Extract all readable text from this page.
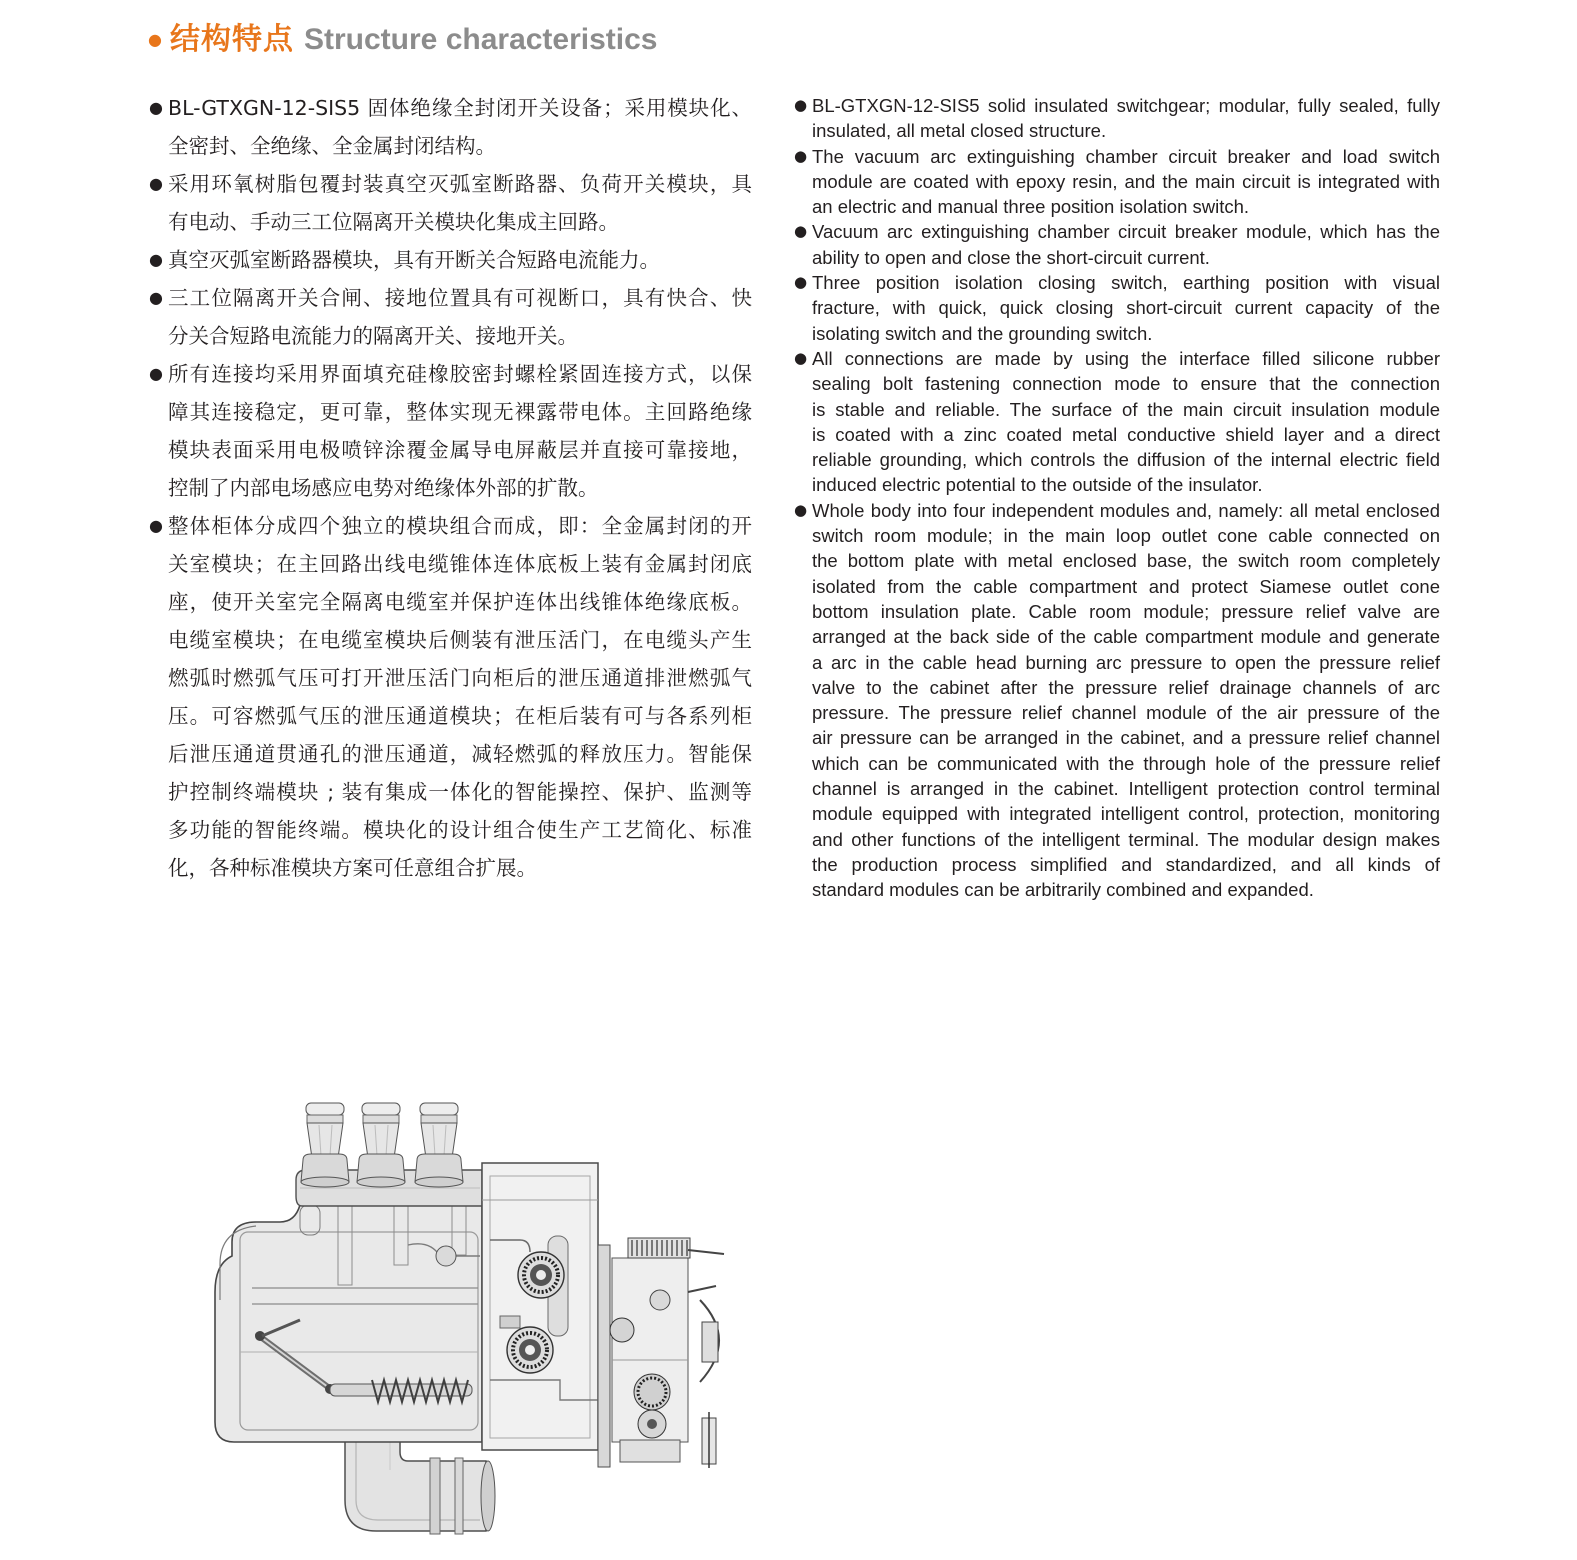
● 结构特点 Structure characteristics
● BL-GTXGN-12-SIS5 固体绝缘全封闭开关设备；采用模块化、
全密封、全绝缘、全金属封闭结构。
● 采用环氧树脂包覆封装真空灭弧室断路器、负荷开关模块，具
有电动、手动三工位隔离开关模块化集成主回路。
● 真空灭弧室断路器模块，具有开断关合短路电流能力。
● 三工位隔离开关合闸、接地位置具有可视断口，具有快合、快
分关合短路电流能力的隔离开关、接地开关。
● 所有连接均采用界面填充硅橡胶密封螺栓紧固连接方式，以保
障其连接稳定，更可靠，整体实现无裸露带电体。主回路绝缘
模块表面采用电极喷锌涂覆金属导电屏蔽层并直接可靠接地，
控制了内部电场感应电势对绝缘体外部的扩散。
● 整体柜体分成四个独立的模块组合而成，即：全金属封闭的开
关室模块；在主回路出线电缆锥体连体底板上装有金属封闭底
座，使开关室完全隔离电缆室并保护连体出线锥体绝缘底板。
电缆室模块；在电缆室模块后侧装有泄压活门，在电缆头产生
燃弧时燃弧气压可打开泄压活门向柜后的泄压通道排泄燃弧气
压。可容燃弧气压的泄压通道模块；在柜后装有可与各系列柜
后泄压通道贯通孔的泄压通道，减轻燃弧的释放压力。智能保
护控制终端模块 ; 装有集成一体化的智能操控、保护、监测等
多功能的智能终端。模块化的设计组合使生产工艺简化、标准
化，各种标准模块方案可任意组合扩展。
● BL-GTXGN-12-SIS5 solid insulated switchgear; modular, fully sealed, fully
insulated, all metal closed structure.
● The vacuum arc extinguishing chamber circuit breaker and load switch
module are coated with epoxy resin, and the main circuit is integrated with
an electric and manual three position isolation switch.
● Vacuum arc extinguishing chamber circuit breaker module, which has the
ability to open and close the short-circuit current.
● Three position isolation closing switch, earthing position with visual
fracture, with quick, quick closing short-circuit current capacity of the
isolating switch and the grounding switch.
● All connections are made by using the interface filled silicone rubber
sealing bolt fastening connection mode to ensure that the connection
is stable and reliable. The surface of the main circuit insulation module
is coated with a zinc coated metal conductive shield layer and a direct
reliable grounding, which controls the diffusion of the internal electric field
induced electric potential to the outside of the insulator.
● Whole body into four independent modules and, namely: all metal enclosed
switch room module; in the main loop outlet cone cable connected on
the bottom plate with metal enclosed base, the switch room completely
isolated from the cable compartment and protect Siamese outlet cone
bottom insulation plate. Cable room module; pressure relief valve are
arranged at the back side of the cable compartment module and generate
a arc in the cable head burning arc pressure to open the pressure relief
valve to the cabinet after the pressure relief drainage channels of arc
pressure. The pressure relief channel module of the air pressure of the
air pressure can be arranged in the cabinet, and a pressure relief channel
which can be communicated with the through hole of the pressure relief
channel is arranged in the cabinet. Intelligent protection control terminal
module equipped with integrated intelligent control, protection, monitoring
and other functions of the intelligent terminal. The modular design makes
the production process simplified and standardized, and all kinds of
standard modules can be arbitrarily combined and expanded.
